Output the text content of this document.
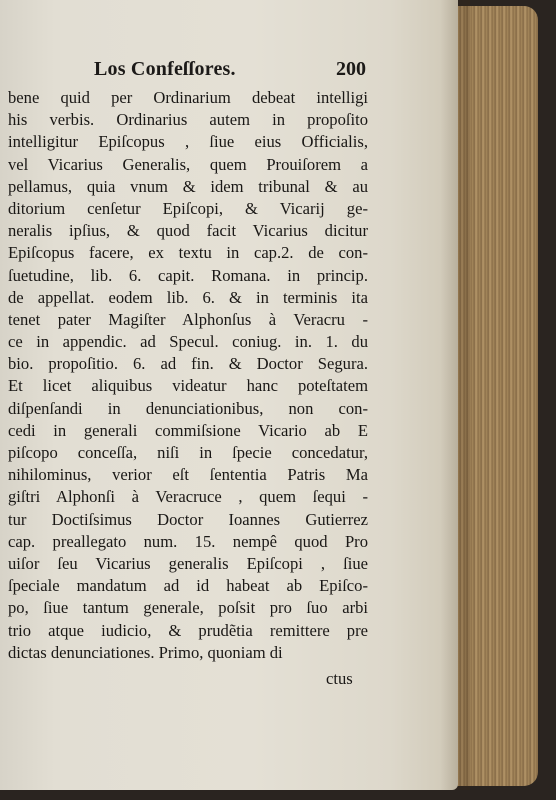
Los Confeſſores.	200
bene quid per Ordinarium debeat intelligi
his verbis. Ordinarius autem in propoſito
intelligitur Epiſcopus , ſiue eius Officialis,
vel Vicarius Generalis, quem Prouiſorem a
pellamus, quia vnum & idem tribunal & au
ditorium cenſetur Epiſcopi, & Vicarij ge-
neralis ipſius, & quod facit Vicarius dicitur
Epiſcopus facere, ex textu in cap.2. de con-
ſuetudine, lib. 6. capit. Romana. in princip.
de appellat. eodem lib. 6. & in terminis ita
tenet pater Magiſter Alphonſus à Veracru -
ce in appendic. ad Specul. coniug. in. 1. du
bio. propoſitio. 6. ad fin. & Doctor Segura.
Et licet aliquibus videatur hanc poteſtatem
diſpenſandi in denunciationibus, non con-
cedi in generali commiſsione Vicario ab E
piſcopo conceſſa, niſi in ſpecie concedatur,
nihilominus, verior eſt ſententia Patris Ma
giſtri Alphonſi à Veracruce , quem ſequi -
tur Doctiſsimus Doctor Ioannes Gutierrez
cap. preallegato num. 15. nempê quod Pro
uiſor ſeu Vicarius generalis Epiſcopi , ſiue
ſpeciale mandatum ad id habeat ab Epiſco-
po, ſiue tantum generale, poſsit pro ſuo arbi
trio atque iudicio, & prudẽtia remittere pre
dictas denunciationes. Primo, quoniam di
ctus
